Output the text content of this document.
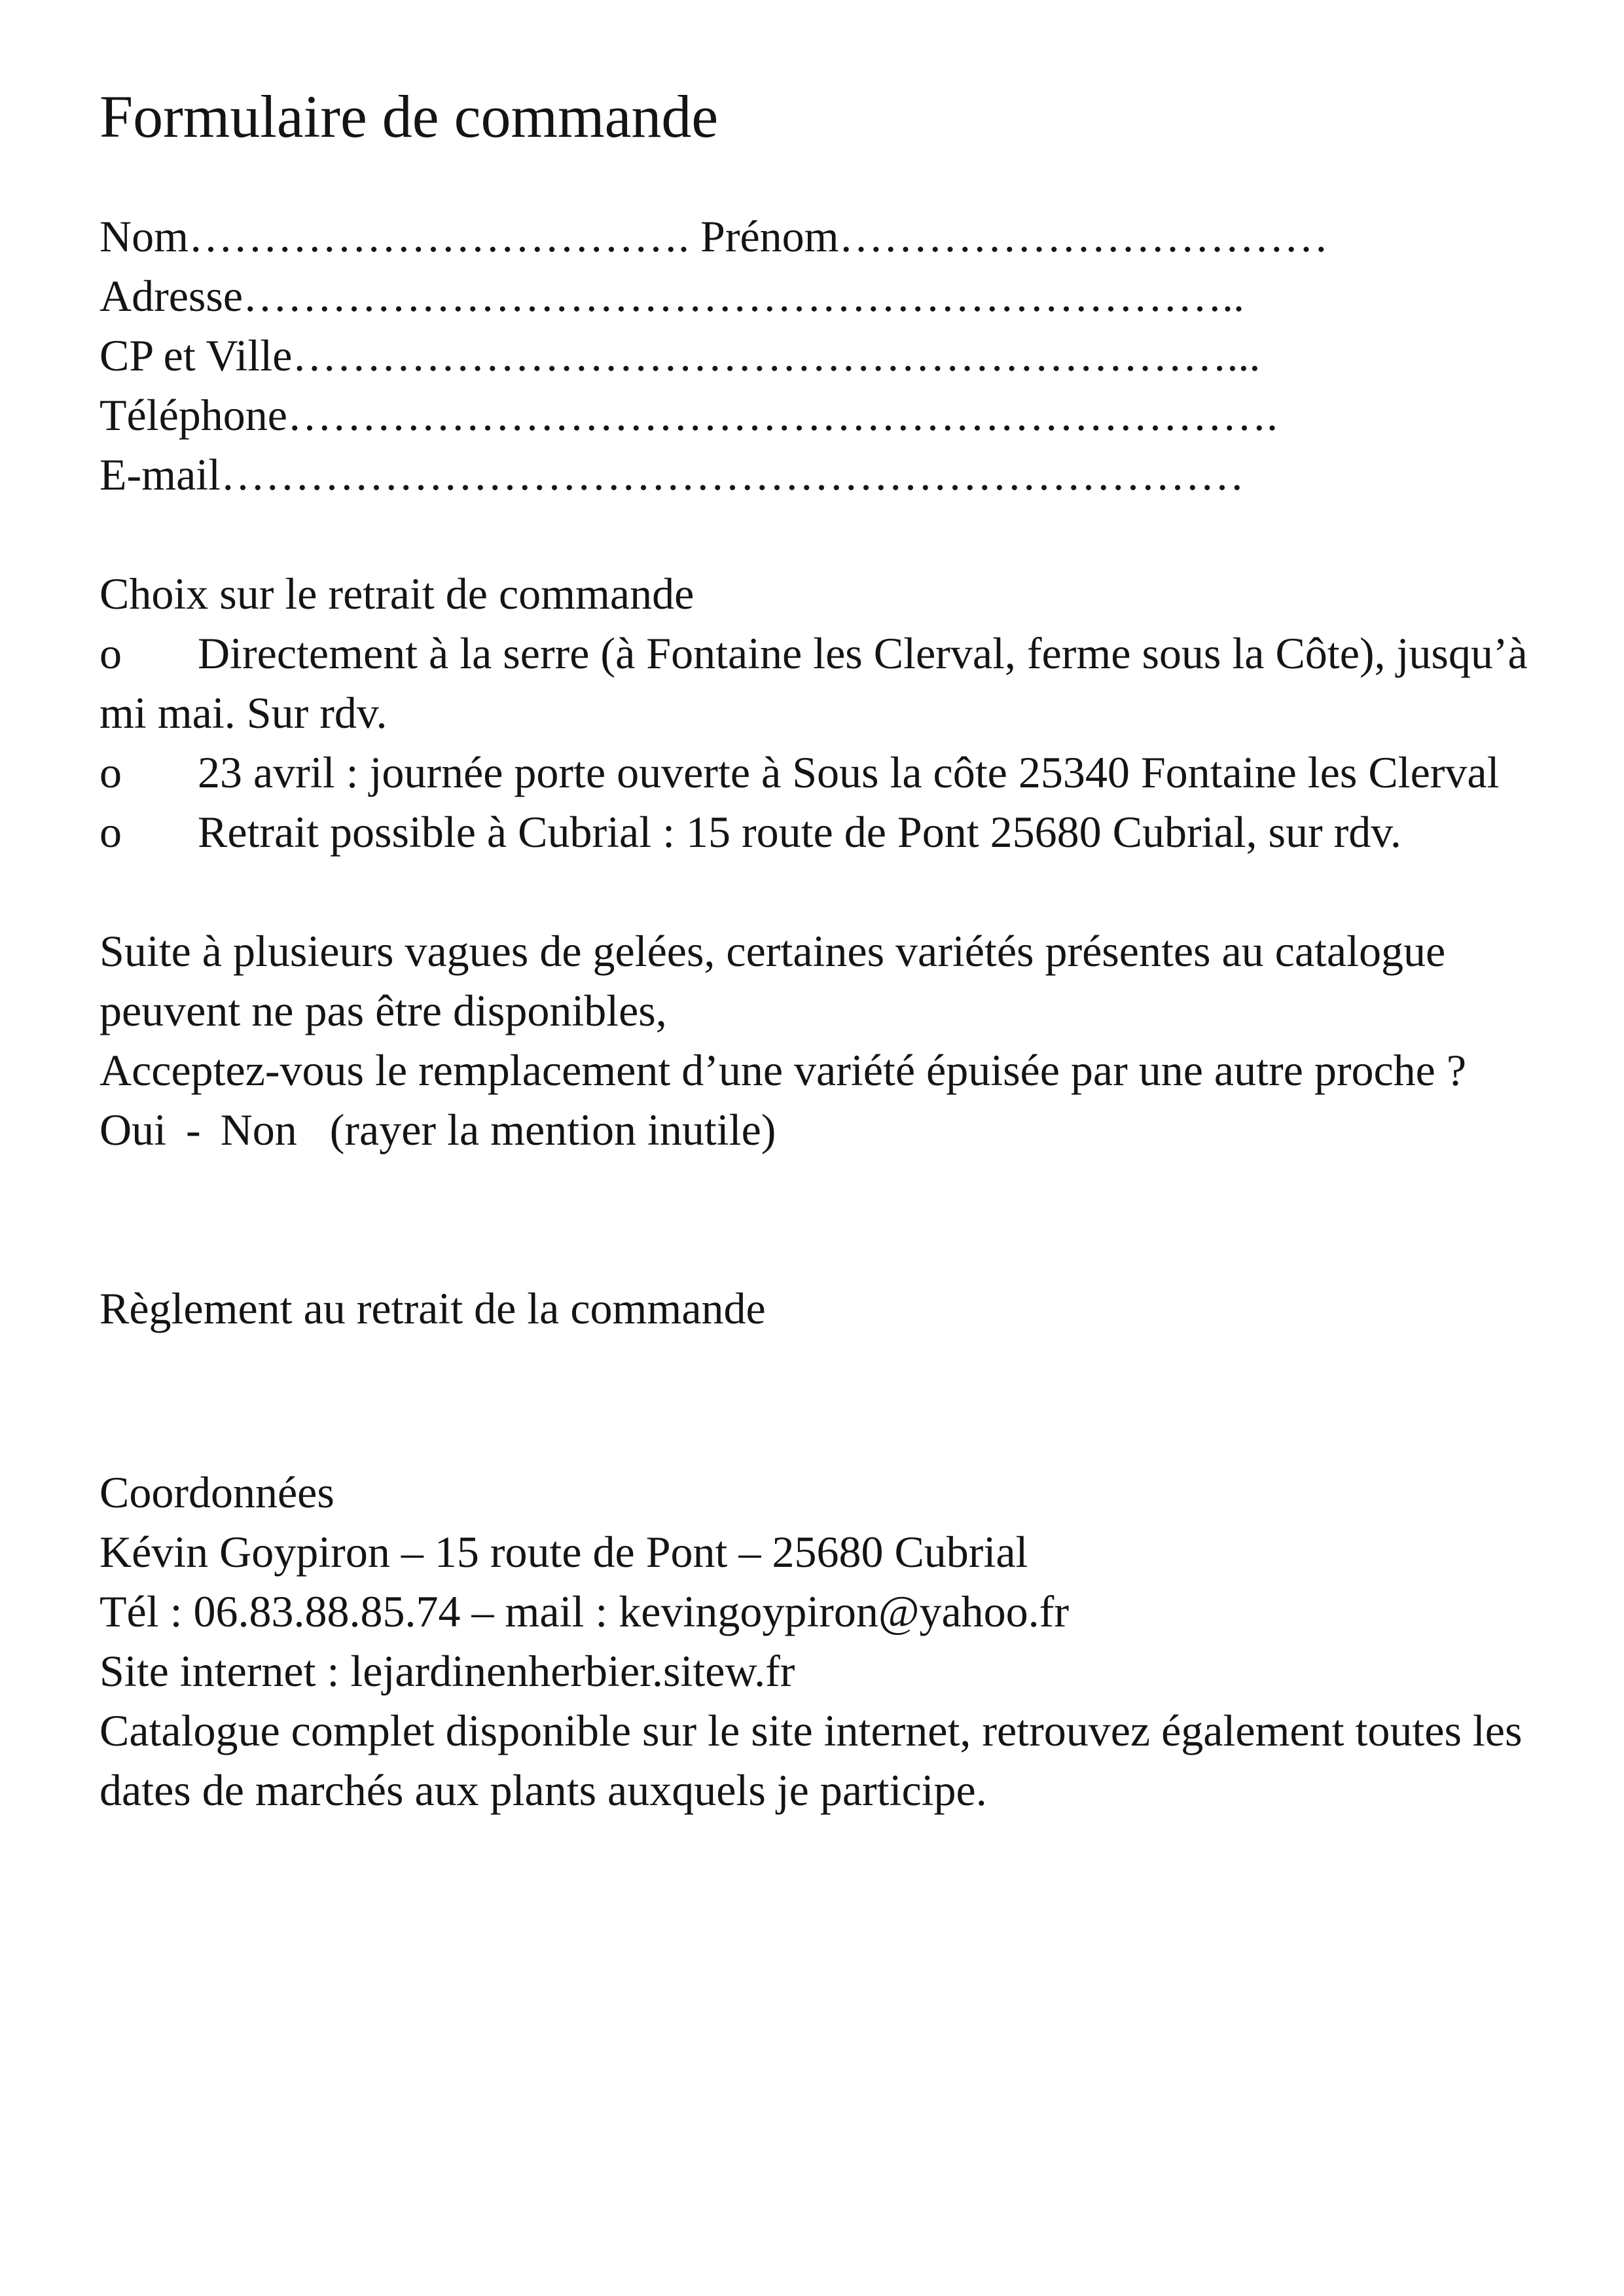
Formulaire de commande

Nom……………………………. Prénom……………………………

Adresse…………………………………………………………..

CP et Ville………………………………………………………...

Téléphone………………………………………………………….

E-mail……………………………………………………………

Choix sur le retrait de commande

o Directement à la serre (à Fontaine les Clerval, ferme sous la Côte), jusqu’à mi mai. Sur rdv.

o 23 avril : journée porte ouverte à Sous la côte 25340 Fontaine les Clerval

o Retrait possible à Cubrial : 15 route de Pont 25680 Cubrial, sur rdv.

Suite à plusieurs vagues de gelées, certaines variétés présentes au catalogue peuvent ne pas être disponibles,

Acceptez-vous le remplacement d’une variété épuisée par une autre proche ?

Oui - Non (rayer la mention inutile)

Règlement au retrait de la commande

Coordonnées

Kévin Goypiron – 15 route de Pont – 25680 Cubrial

Tél : 06.83.88.85.74 – mail : kevingoypiron@yahoo.fr

Site internet : lejardinenherbier.sitew.fr

Catalogue complet disponible sur le site internet, retrouvez également toutes les dates de marchés aux plants auxquels je participe.
